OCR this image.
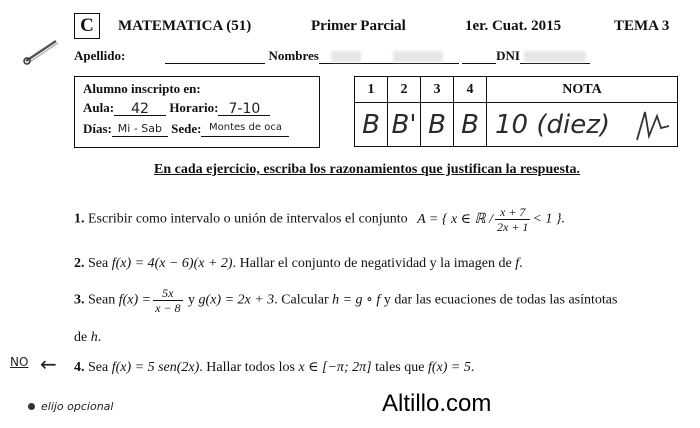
C	MATEMATICA (51)	Primer Parcial	1er. Cuat. 2015	TEMA 3
Apellido:	Nombres	DNI
Alumno inscripto en:
Aula: 42 Horario: 7-10
Días: Mi - Sab Sede: Montes de oca
1	2	3	4	NOTA
B	B'	B	B	10 (diez)
En cada ejercicio, escriba los razonamientos que justifican la respuesta.
1. Escribir como intervalo o unión de intervalos el conjunto A = { x ∈ ℝ / $\frac{x + 7}{2x + 1} < 1$ }.
2. Sea f(x) = 4(x − 6)(x + 2). Hallar el conjunto de negatividad y la imagen de f.
3. Sean $f(x) = \frac{5x}{x - 8}$ y g(x) = 2x + 3. Calcular h = g ∘ f y dar las ecuaciones de todas las asíntotas
de h.
NO ← 4. Sea f(x) = 5 sen(2x). Hallar todos los x ∈ [−π; 2π] tales que f(x) = 5.
elijo opcional	Altillo.com
